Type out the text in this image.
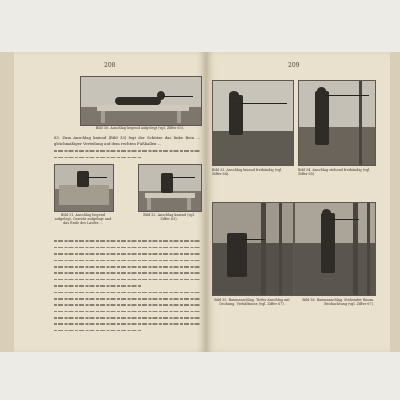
208
Bild 30. Anschlag liegend aufgelegt (vgl. Ziffer 63).
63. Zum Anschlag kniend (Bild 33) legt der Schütze das linke Bein ... gleichmäßiger Verteilung auf dem rechten Fußballen ...
Bild 31. Anschlag liegend aufgelegt, Gewehr aufgelegt und das Ende des Laufes ...
Bild 32. Anschlag kniend (vgl. Ziffer 63).
209
Bild 33. Anschlag kniend freihändig (vgl. Ziffer 64).
Bild 34. Anschlag stehend freihändig (vgl. Ziffer 65).
Bild 35. Baumanschlag. Tiefer Anschlag mit Deckung. Verhältnisse (vgl. Ziffer 67).
Bild 36. Baumanschlag. Stehender Baum. Beobachtung (vgl. Ziffer 67).
